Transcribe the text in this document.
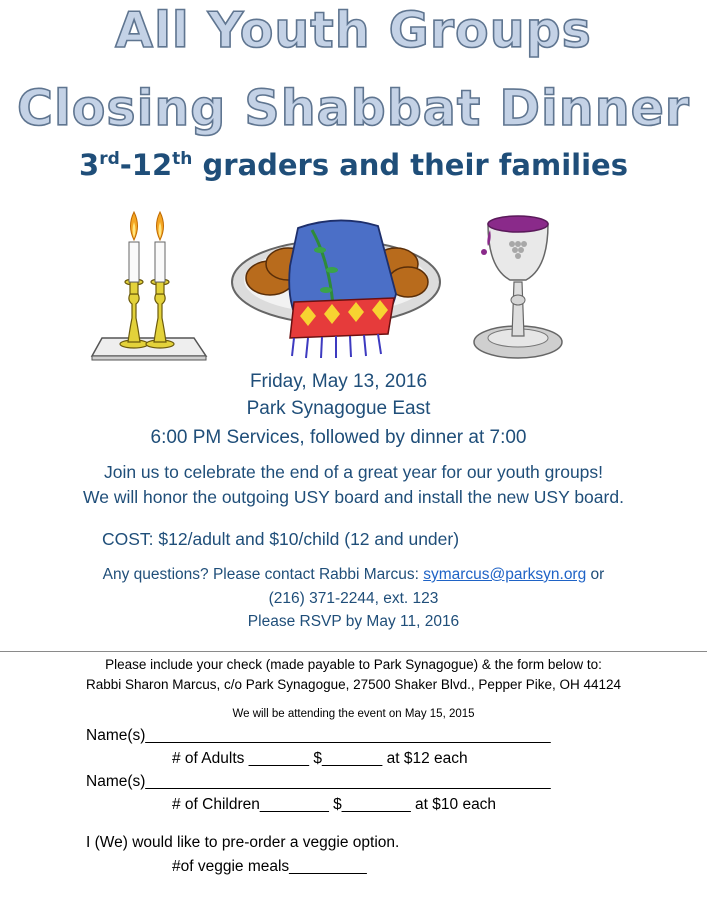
All Youth Groups
Closing Shabbat Dinner
3rd-12th graders and their families
Friday, May 13, 2016
Park Synagogue East
6:00 PM Services, followed by dinner at 7:00
Join us to celebrate the end of a great year for our youth groups!
We will honor the outgoing USY board and install the new USY board.
COST: $12/adult and $10/child (12 and under)
Any questions? Please contact Rabbi Marcus: symarcus@parksyn.org or
(216) 371-2244, ext. 123
Please RSVP by May 11, 2016
Please include your check (made payable to Park Synagogue) & the form below to:
Rabbi Sharon Marcus, c/o Park Synagogue, 27500 Shaker Blvd., Pepper Pike, OH 44124
We will be attending the event on May 15, 2015
Name(s)_______________________________________________
# of Adults _______ $_______ at $12 each
Name(s)_______________________________________________
# of Children________ $________ at $10 each
I (We) would like to pre-order a veggie option.
#of veggie meals_________
